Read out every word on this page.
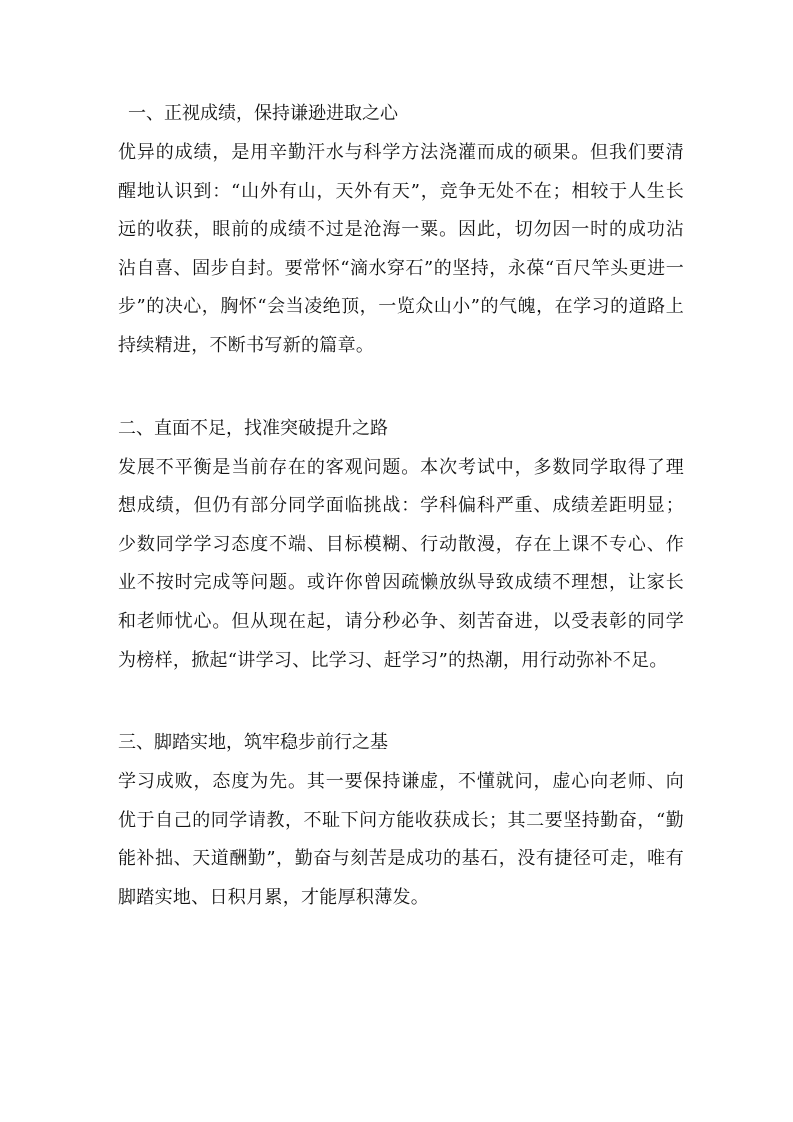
一、正视成绩，保持谦逊进取之心

优异的成绩，是用辛勤汗水与科学方法浇灌而成的硕果。但我们要清醒地认识到：“山外有山，天外有天”，竞争无处不在；相较于人生长远的收获，眼前的成绩不过是沧海一粟。因此，切勿因一时的成功沾沾自喜、固步自封。要常怀“滴水穿石”的坚持，永葆“百尺竿头更进一步”的决心，胸怀“会当凌绝顶，一览众山小”的气魄，在学习的道路上持续精进，不断书写新的篇章。

二、直面不足，找准突破提升之路

发展不平衡是当前存在的客观问题。本次考试中，多数同学取得了理想成绩，但仍有部分同学面临挑战：学科偏科严重、成绩差距明显；少数同学学习态度不端、目标模糊、行动散漫，存在上课不专心、作业不按时完成等问题。或许你曾因疏懒放纵导致成绩不理想，让家长和老师忧心。但从现在起，请分秒必争、刻苦奋进，以受表彰的同学为榜样，掀起“讲学习、比学习、赶学习”的热潮，用行动弥补不足。

三、脚踏实地，筑牢稳步前行之基

学习成败，态度为先。其一要保持谦虚，不懂就问，虚心向老师、向优于自己的同学请教，不耻下问方能收获成长；其二要坚持勤奋，“勤能补拙、天道酬勤”，勤奋与刻苦是成功的基石，没有捷径可走，唯有脚踏实地、日积月累，才能厚积薄发。
